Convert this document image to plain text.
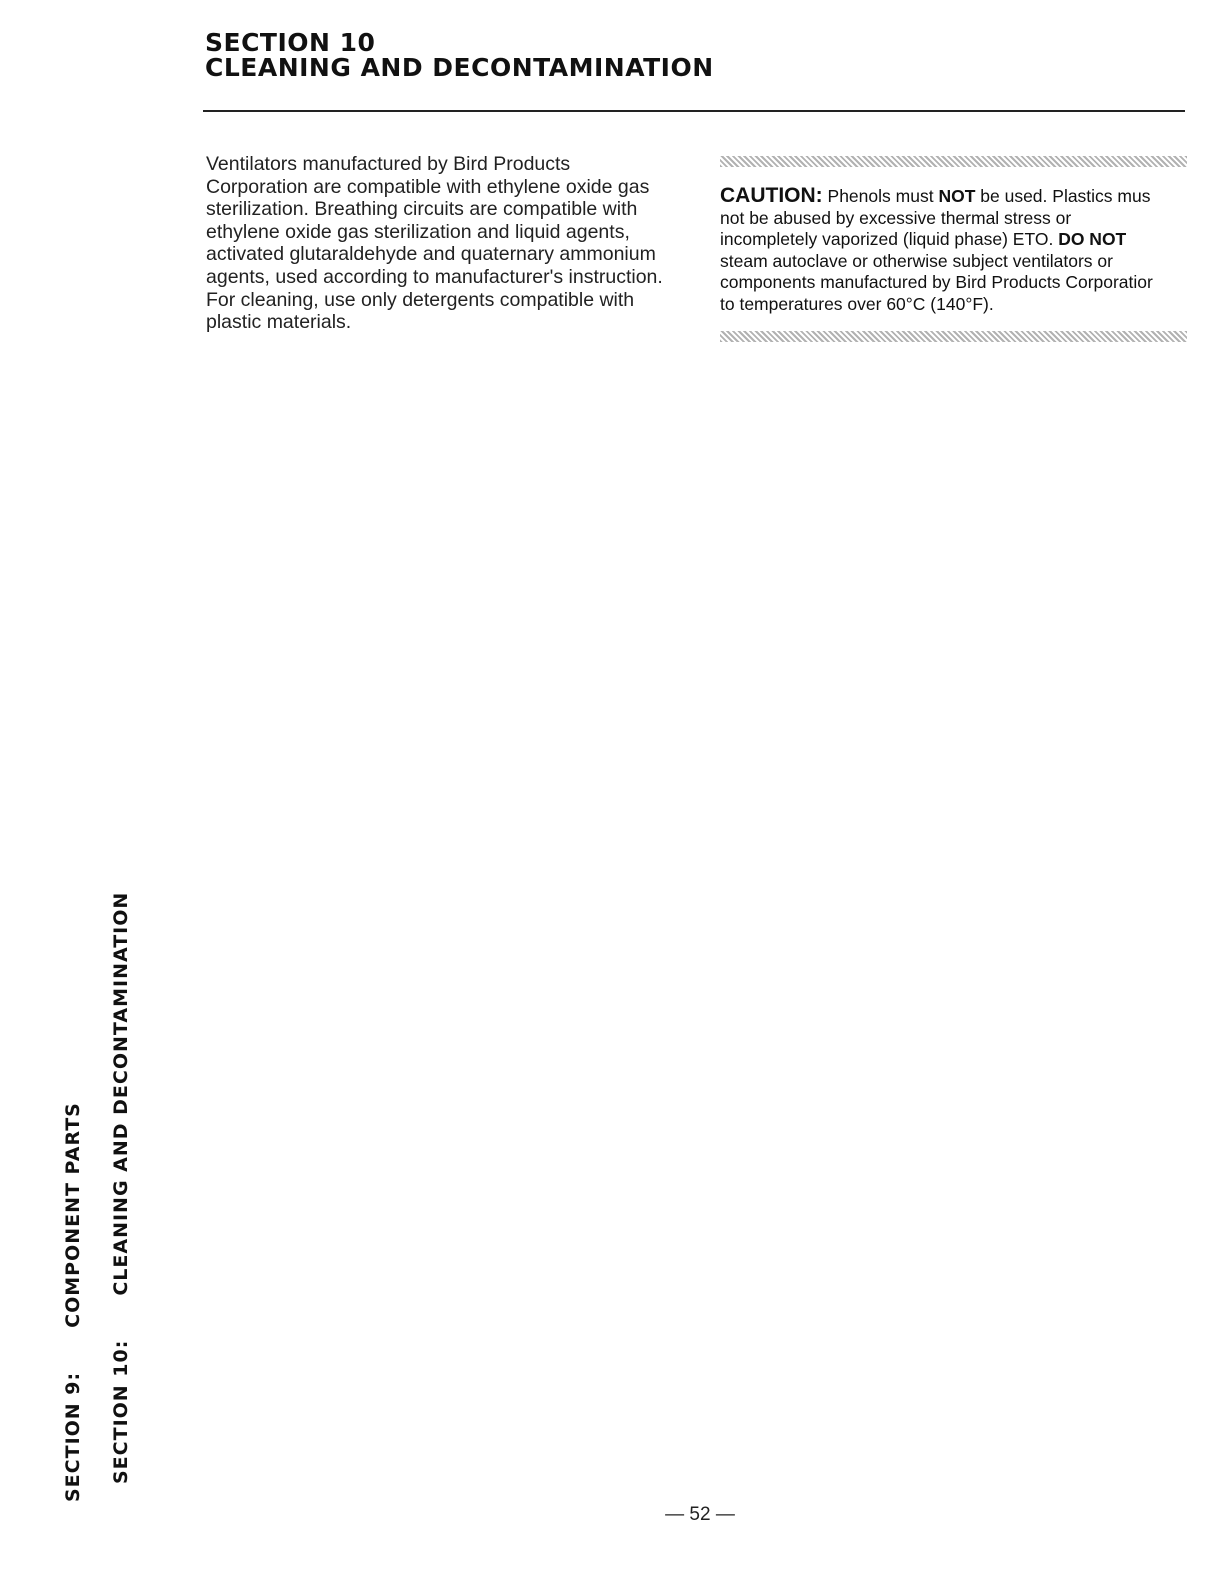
SECTION 10
CLEANING AND DECONTAMINATION

Ventilators manufactured by Bird Products Corporation are compatible with ethylene oxide gas sterilization. Breathing circuits are compatible with ethylene oxide gas sterilization and liquid agents, activated glutaraldehyde and quaternary ammonium agents, used according to manufacturer's instruction. For cleaning, use only detergents compatible with plastic materials.

CAUTION: Phenols must NOT be used. Plastics mus
not be abused by excessive thermal stress or
incompletely vaporized (liquid phase) ETO. DO NOT
steam autoclave or otherwise subject ventilators or
components manufactured by Bird Products Corporatior
to temperatures over 60°C (140°F).
SECTION 9:COMPONENT PARTS
SECTION 10:CLEANING AND DECONTAMINATION
— 52 —
